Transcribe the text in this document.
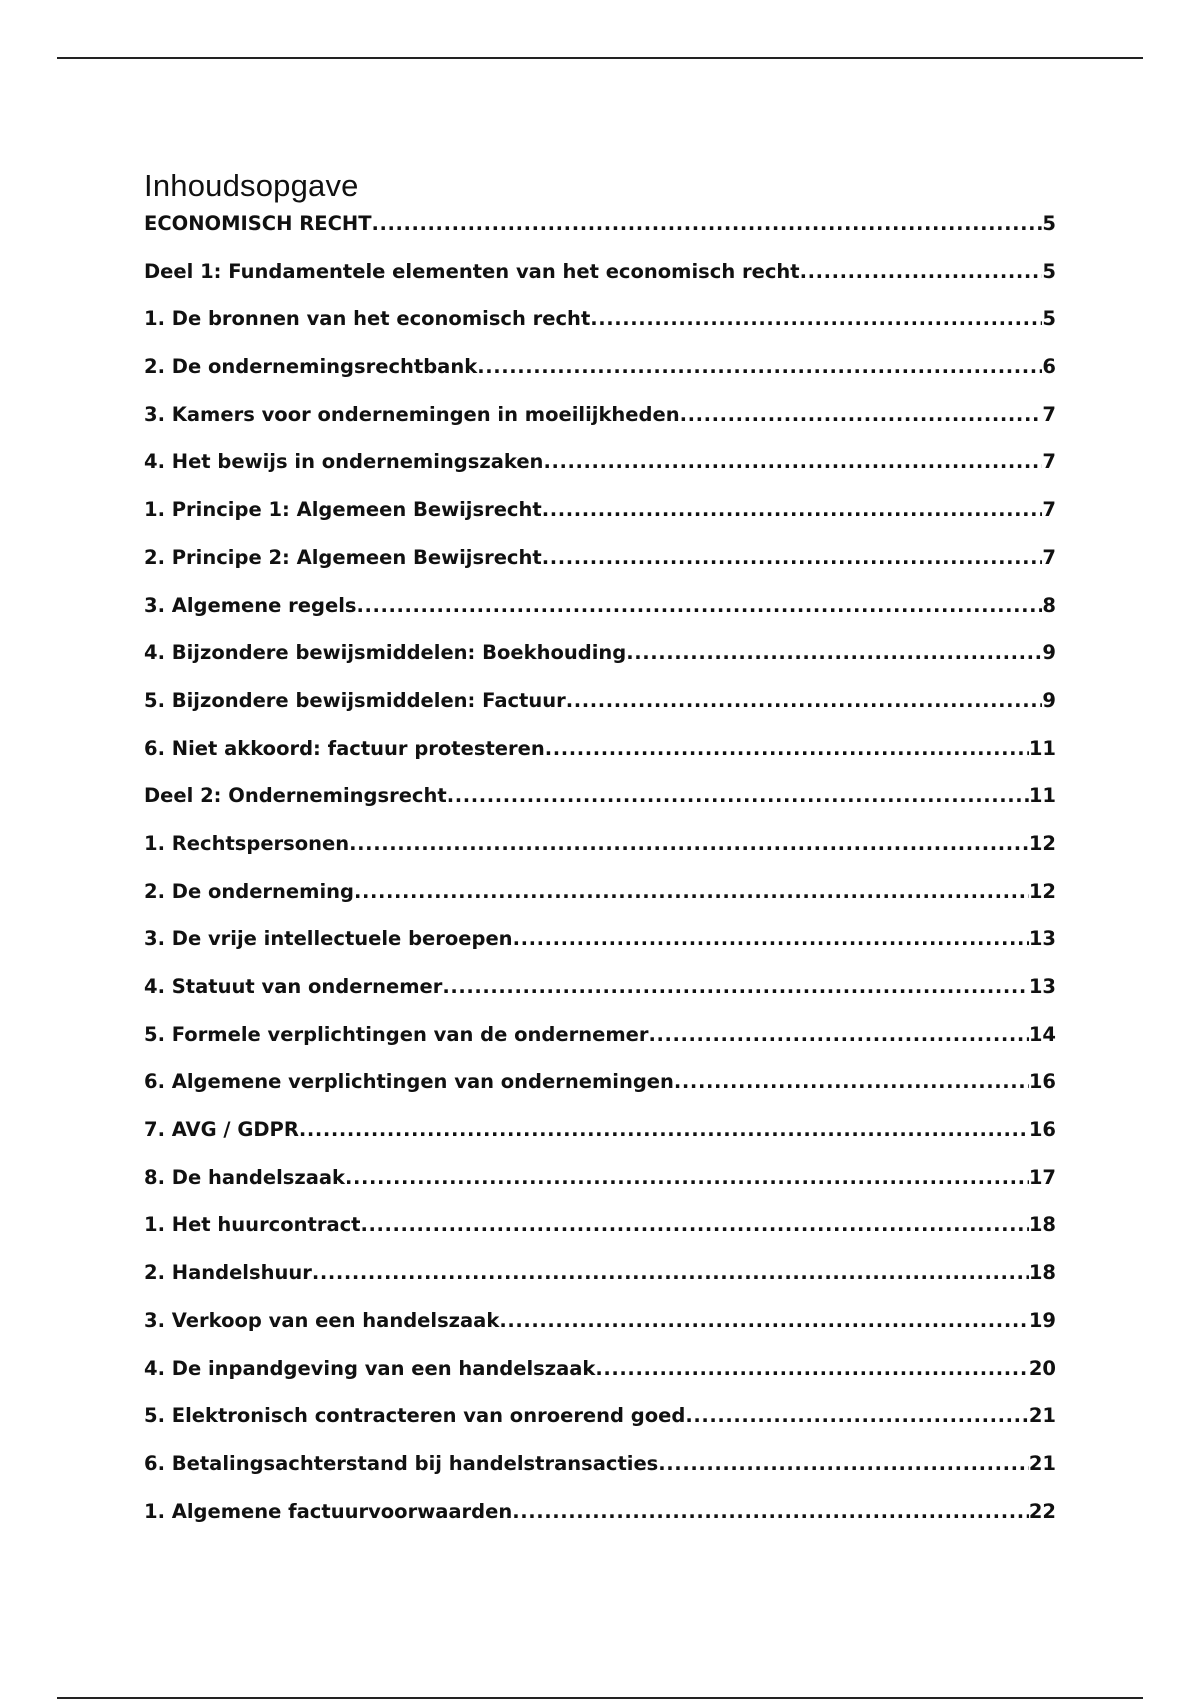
Inhoudsopgave
ECONOMISCH RECHT .....	5
Deel 1: Fundamentele elementen van het economisch recht .....	5
1. De bronnen van het economisch recht .....	5
2. De ondernemingsrechtbank .....	6
3. Kamers voor ondernemingen in moeilijkheden .....	7
4. Het bewijs in ondernemingszaken .....	7
1. Principe 1: Algemeen Bewijsrecht .....	7
2. Principe 2: Algemeen Bewijsrecht .....	7
3. Algemene regels .....	8
4. Bijzondere bewijsmiddelen: Boekhouding .....	9
5. Bijzondere bewijsmiddelen: Factuur .....	9
6. Niet akkoord: factuur protesteren .....	11
Deel 2: Ondernemingsrecht .....	11
1. Rechtspersonen .....	12
2. De onderneming .....	12
3. De vrije intellectuele beroepen .....	13
4. Statuut van ondernemer .....	13
5. Formele verplichtingen van de ondernemer .....	14
6. Algemene verplichtingen van ondernemingen .....	16
7. AVG / GDPR .....	16
8. De handelszaak .....	17
1. Het huurcontract .....	18
2. Handelshuur .....	18
3. Verkoop van een handelszaak .....	19
4. De inpandgeving van een handelszaak .....	20
5. Elektronisch contracteren van onroerend goed .....	21
6. Betalingsachterstand bij handelstransacties .....	21
1. Algemene factuurvoorwaarden .....	22
